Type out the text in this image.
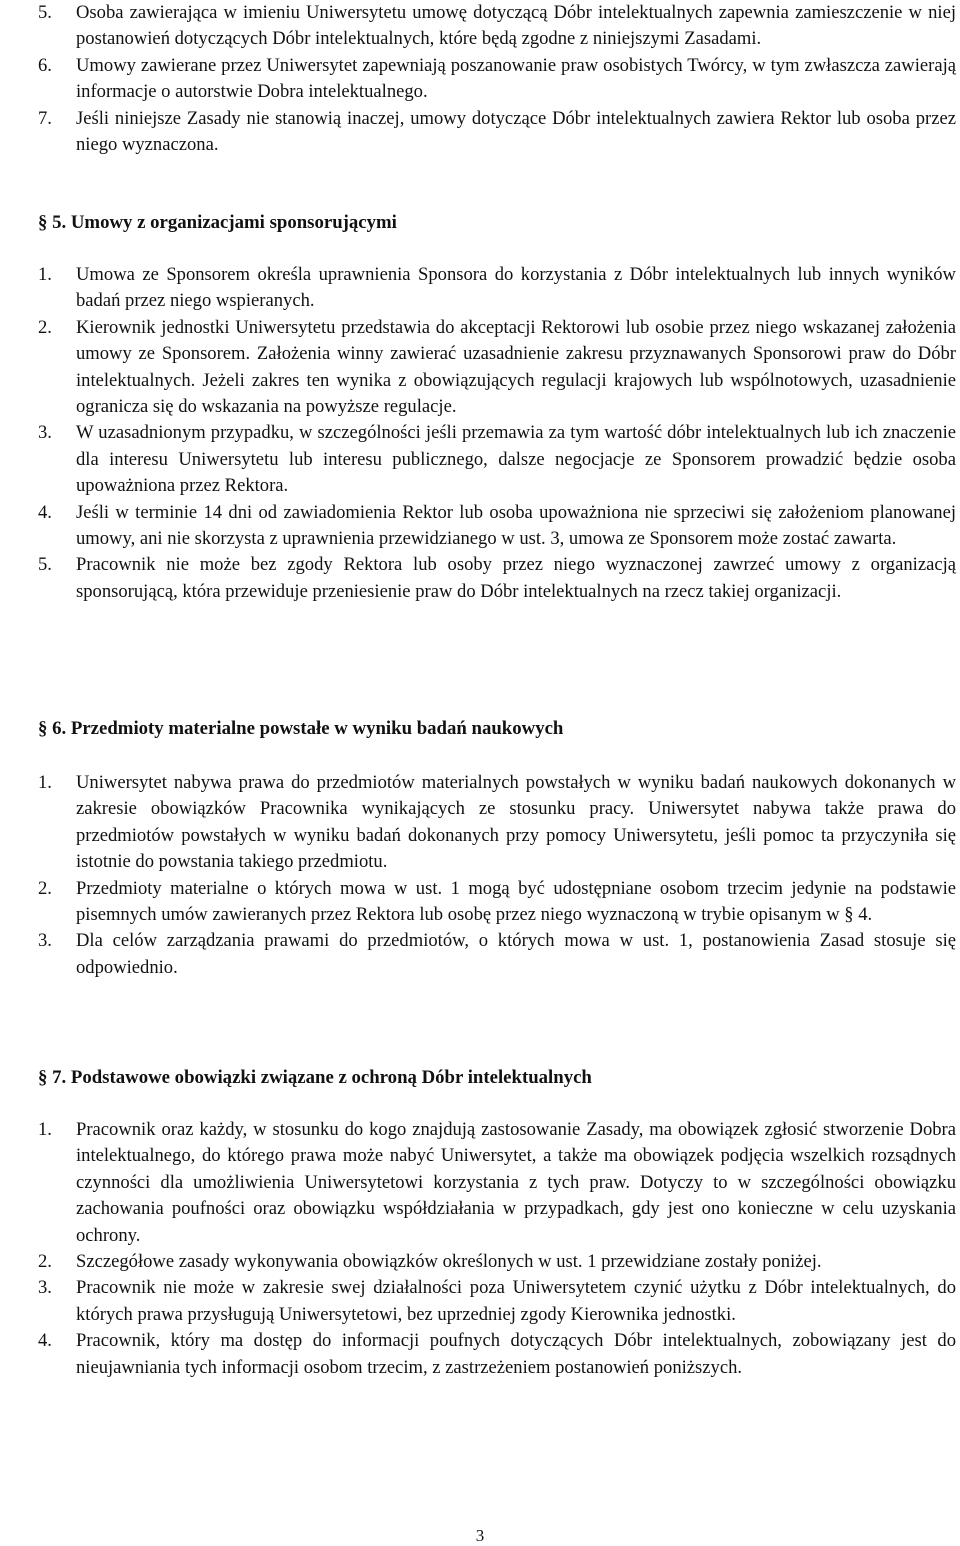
5. Osoba zawierająca w imieniu Uniwersytetu umowę dotyczącą Dóbr intelektualnych zapewnia zamieszczenie w niej postanowień dotyczących Dóbr intelektualnych, które będą zgodne z niniejszymi Zasadami.
6. Umowy zawierane przez Uniwersytet zapewniają poszanowanie praw osobistych Twórcy, w tym zwłaszcza zawierają informacje o autorstwie Dobra intelektualnego.
7. Jeśli niniejsze Zasady nie stanowią inaczej, umowy dotyczące Dóbr intelektualnych zawiera Rektor lub osoba przez niego wyznaczona.
§ 5. Umowy z organizacjami sponsorującymi
1. Umowa ze Sponsorem określa uprawnienia Sponsora do korzystania z Dóbr intelektualnych lub innych wyników badań przez niego wspieranych.
2. Kierownik jednostki Uniwersytetu przedstawia do akceptacji Rektorowi lub osobie przez niego wskazanej założenia umowy ze Sponsorem. Założenia winny zawierać uzasadnienie zakresu przyznawanych Sponsorowi praw do Dóbr intelektualnych. Jeżeli zakres ten wynika z obowiązujących regulacji krajowych lub wspólnotowych, uzasadnienie ogranicza się do wskazania na powyższe regulacje.
3. W uzasadnionym przypadku, w szczególności jeśli przemawia za tym wartość dóbr intelektualnych lub ich znaczenie dla interesu Uniwersytetu lub interesu publicznego, dalsze negocjacje ze Sponsorem prowadzić będzie osoba upoważniona przez Rektora.
4. Jeśli w terminie 14 dni od zawiadomienia Rektor lub osoba upoważniona nie sprzeciwi się założeniom planowanej umowy, ani nie skorzysta z uprawnienia przewidzianego w ust. 3, umowa ze Sponsorem może zostać zawarta.
5. Pracownik nie może bez zgody Rektora lub osoby przez niego wyznaczonej zawrzeć umowy z organizacją sponsorującą, która przewiduje przeniesienie praw do Dóbr intelektualnych na rzecz takiej organizacji.
§ 6. Przedmioty materialne powstałe w wyniku badań naukowych
1. Uniwersytet nabywa prawa do przedmiotów materialnych powstałych w wyniku badań naukowych dokonanych w zakresie obowiązków Pracownika wynikających ze stosunku pracy. Uniwersytet nabywa także prawa do przedmiotów powstałych w wyniku badań dokonanych przy pomocy Uniwersytetu, jeśli pomoc ta przyczyniła się istotnie do powstania takiego przedmiotu.
2. Przedmioty materialne o których mowa w ust. 1 mogą być udostępniane osobom trzecim jedynie na podstawie pisemnych umów zawieranych przez Rektora lub osobę przez niego wyznaczoną w trybie opisanym w § 4.
3. Dla celów zarządzania prawami do przedmiotów, o których mowa w ust. 1, postanowienia Zasad stosuje się odpowiednio.
§ 7. Podstawowe obowiązki związane z ochroną Dóbr intelektualnych
1. Pracownik oraz każdy, w stosunku do kogo znajdują zastosowanie Zasady, ma obowiązek zgłosić stworzenie Dobra intelektualnego, do którego prawa może nabyć Uniwersytet, a także ma obowiązek podjęcia wszelkich rozsądnych czynności dla umożliwienia Uniwersytetowi korzystania z tych praw. Dotyczy to w szczególności obowiązku zachowania poufności oraz obowiązku współdziałania w przypadkach, gdy jest ono konieczne w celu uzyskania ochrony.
2. Szczegółowe zasady wykonywania obowiązków określonych w ust. 1 przewidziane zostały poniżej.
3. Pracownik nie może w zakresie swej działalności poza Uniwersytetem czynić użytku z Dóbr intelektualnych, do których prawa przysługują Uniwersytetowi, bez uprzedniej zgody Kierownika jednostki.
4. Pracownik, który ma dostęp do informacji poufnych dotyczących Dóbr intelektualnych, zobowiązany jest do nieujawniania tych informacji osobom trzecim, z zastrzeżeniem postanowień poniższych.
3
